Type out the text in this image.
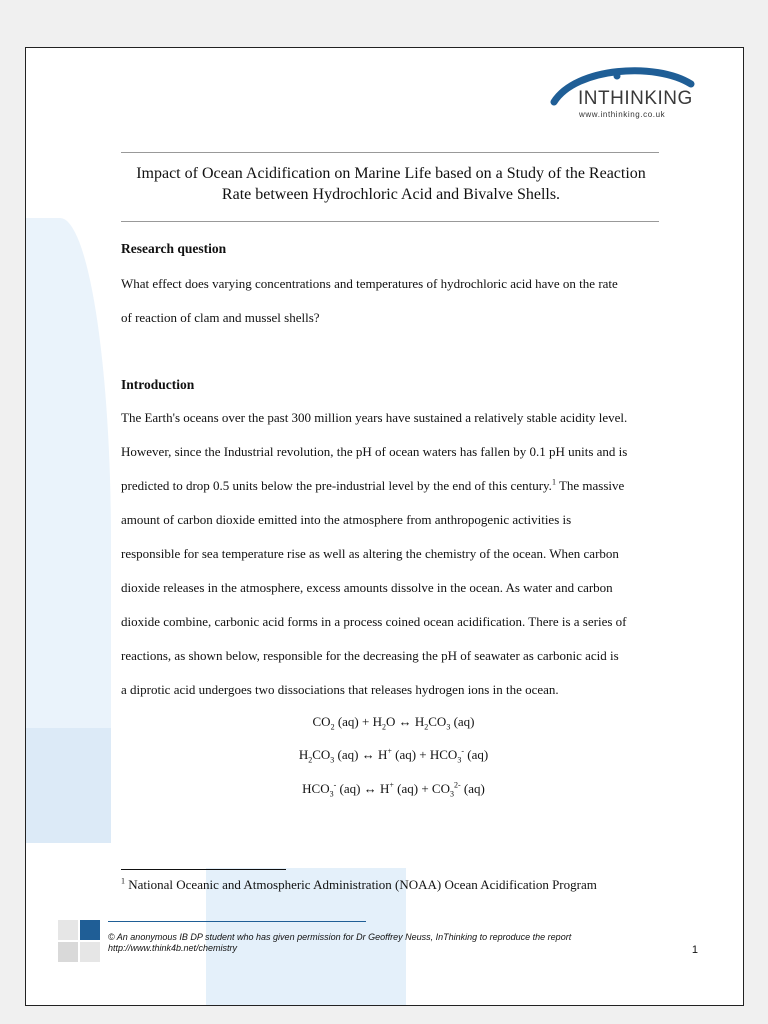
INTHINKING
www.inthinking.co.uk
Impact of Ocean Acidification on Marine Life based on a Study of the Reaction Rate between Hydrochloric Acid and Bivalve Shells.
Research question
What effect does varying concentrations and temperatures of hydrochloric acid have on the rate
of reaction of clam and mussel shells?
Introduction
The Earth's oceans over the past 300 million years have sustained a relatively stable acidity level.
However, since the Industrial revolution, the pH of ocean waters has fallen by 0.1 pH units and is
predicted to drop 0.5 units below the pre-industrial level by the end of this century.$^1$ The massive
amount of carbon dioxide emitted into the atmosphere from anthropogenic activities is
responsible for sea temperature rise as well as altering the chemistry of the ocean. When carbon
dioxide releases in the atmosphere, excess amounts dissolve in the ocean. As water and carbon
dioxide combine, carbonic acid forms in a process coined ocean acidification. There is a series of
reactions, as shown below, responsible for the decreasing the pH of seawater as carbonic acid is
a diprotic acid undergoes two dissociations that releases hydrogen ions in the ocean.
$CO_2$ $(aq) + H_2O$ ↔ $H_2CO_3$ (aq)
$H_2CO_3$ (aq) ↔ H+ $(aq) + HCO_3^-$ (aq)
$HCO_3^-$ (aq) ↔ H+ $(aq) + CO_3^{2-}$ (aq)
$^1$ National Oceanic and Atmospheric Administration (NOAA) Ocean Acidification Program
© An anonymous IB DP student who has given permission for Dr Geoffrey Neuss, InThinking to reproduce the report
http://www.think4b.net/chemistry	1
